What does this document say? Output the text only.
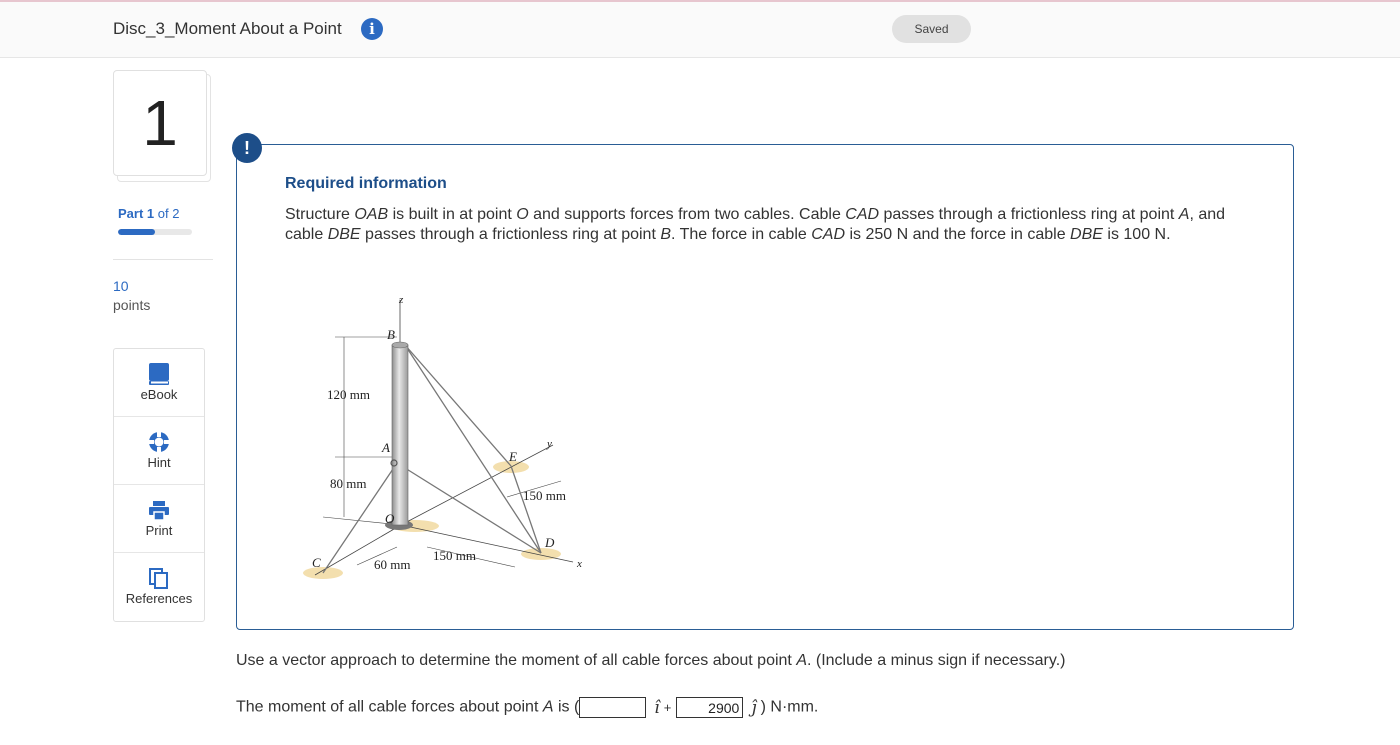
Disc_3_Moment About a Point	i	Saved
1
Part 1 of 2
10
points
eBook
Hint
Print
References
!
Required information
Structure OAB is built in at point O and supports forces from two cables. Cable CAD passes through a frictionless ring at point A, and cable DBE passes through a frictionless ring at point B. The force in cable CAD is 250 N and the force in cable DBE is 100 N.
z
B
A
O
C
D
E
y
x
120 mm
80 mm
150 mm
150 mm
60 mm
Use a vector approach to determine the moment of all cable forces about point A. (Include a minus sign if necessary.)
The moment of all cable forces about point A is (	î +2900	ĵ ) N·mm.
